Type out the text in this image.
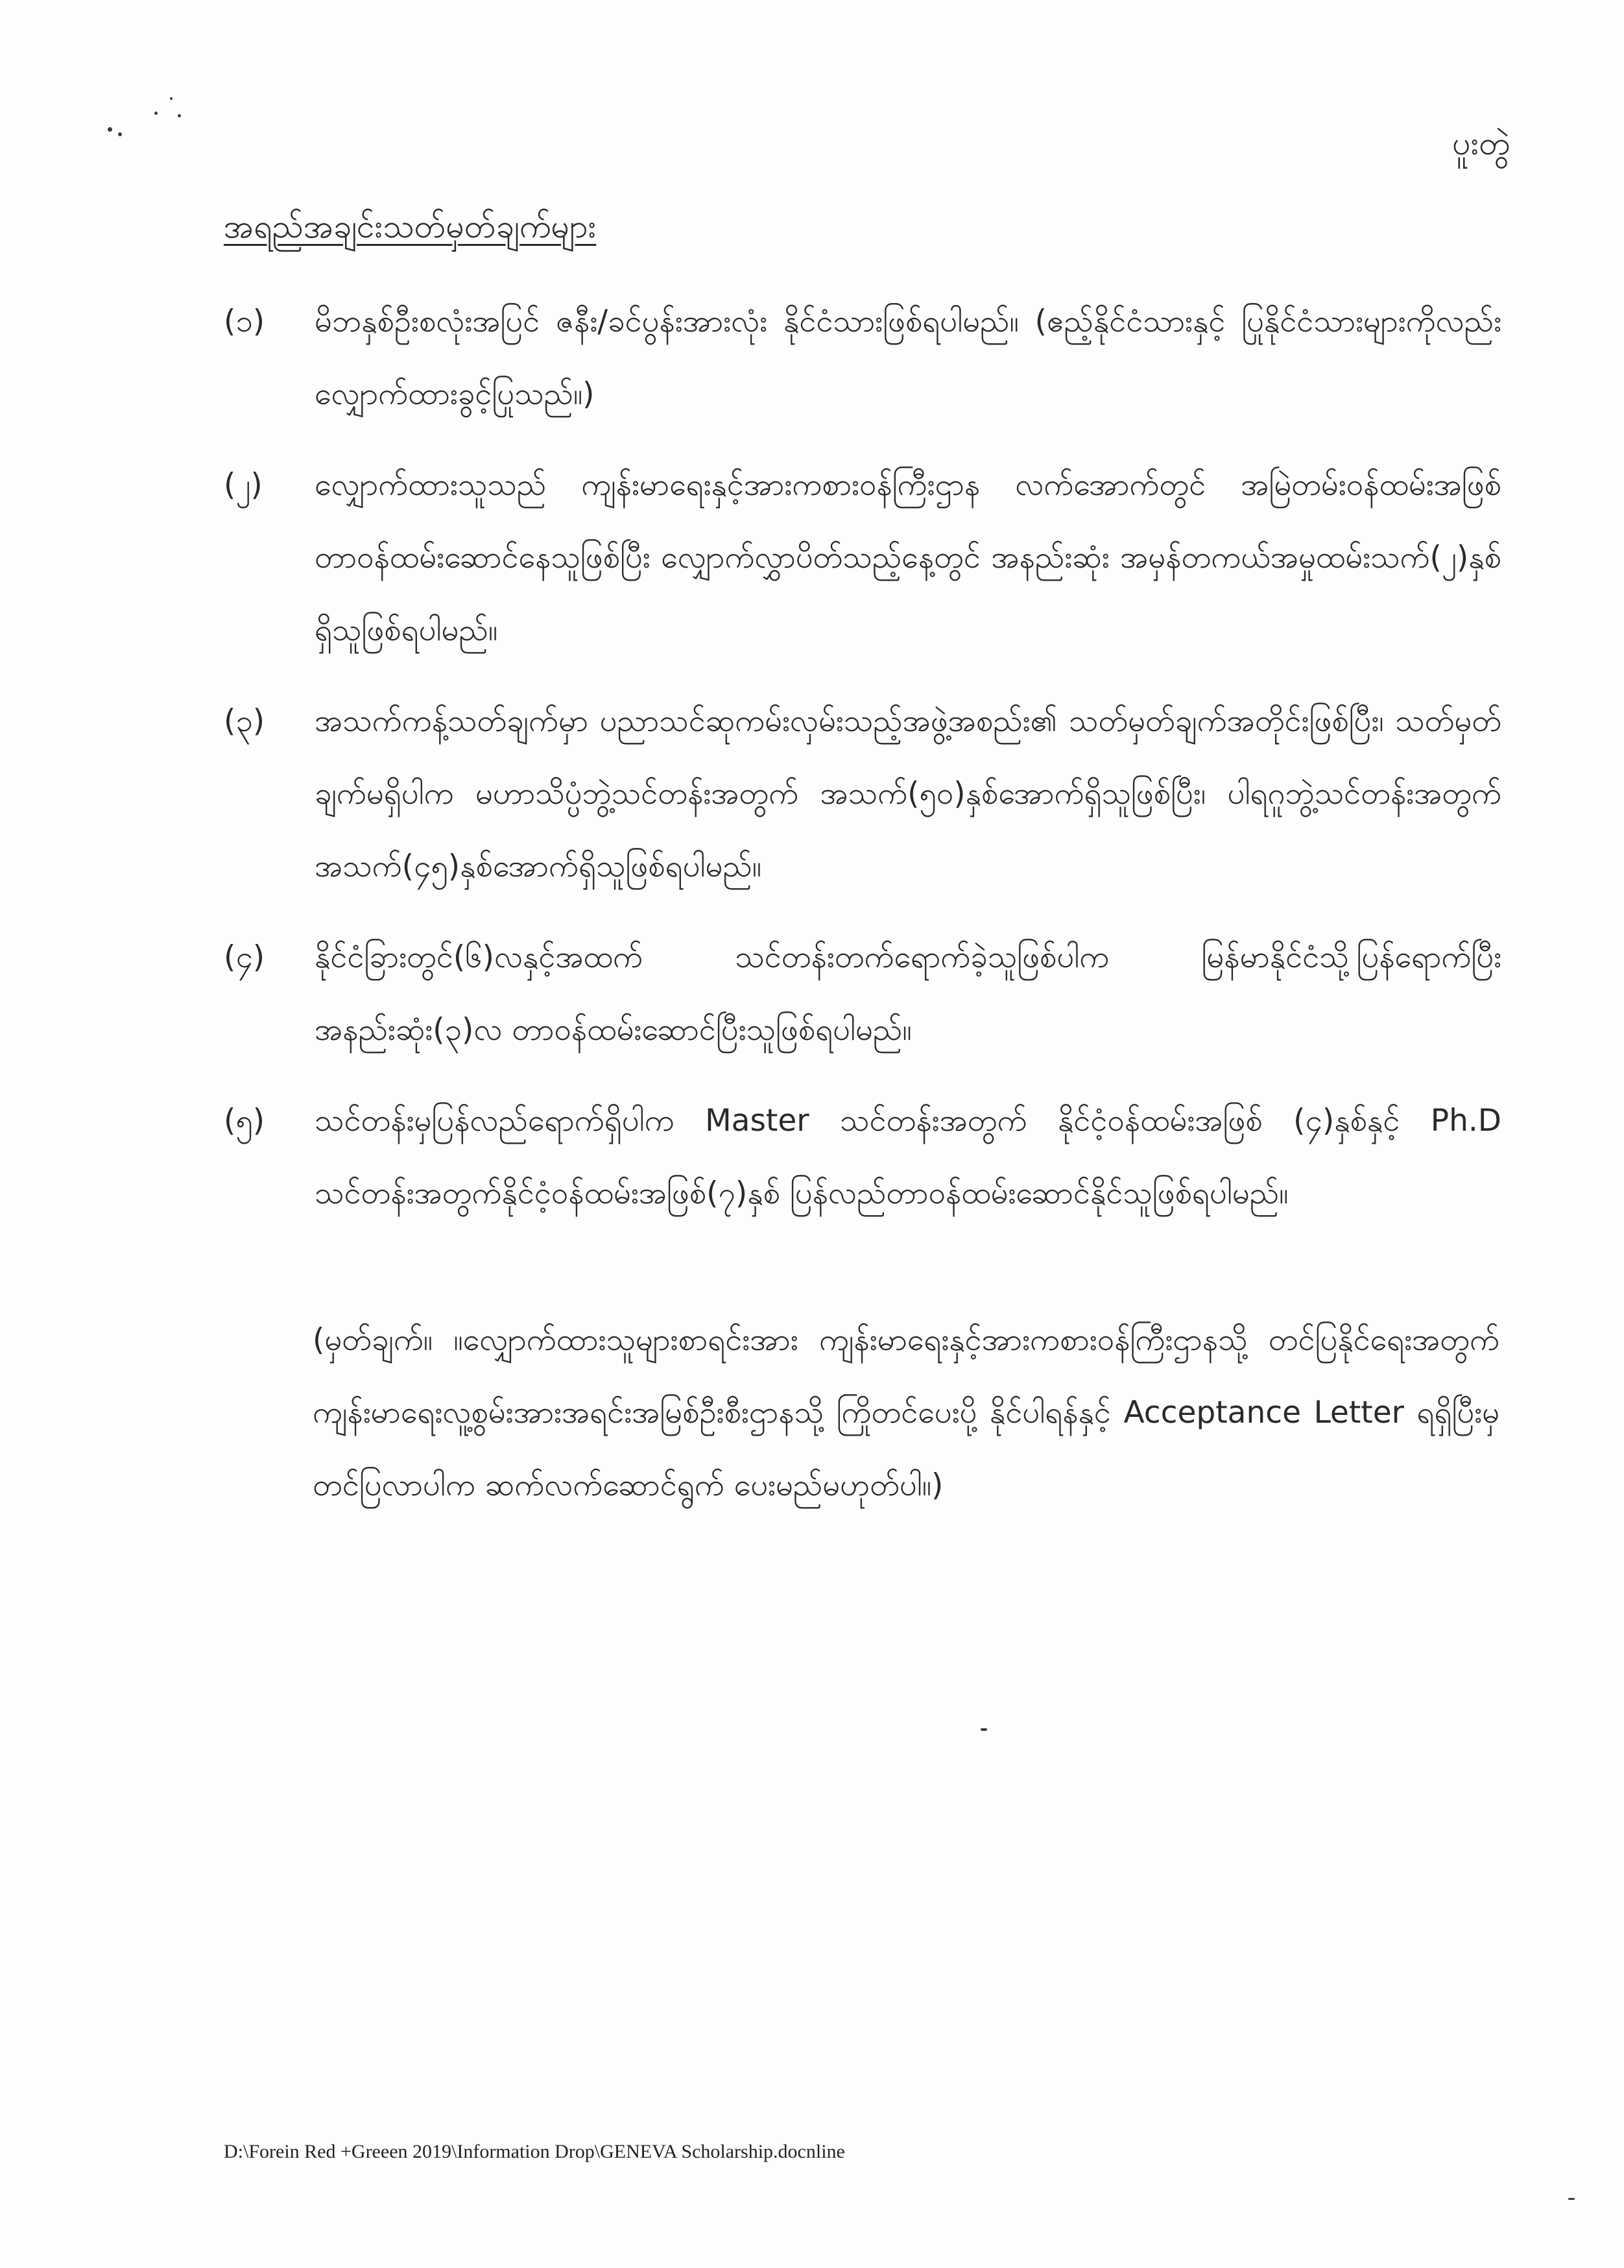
ပူးတွဲ
အရည်အချင်းသတ်မှတ်ချက်များ
(၁) မိဘနှစ်ဦးစလုံးအပြင် ဇနီး/ခင်ပွန်းအားလုံး နိုင်ငံသားဖြစ်ရပါမည်။ (ဧည့်နိုင်ငံသားနှင့် ပြုနိုင်ငံသားများကိုလည်းလျှောက်ထားခွင့်ပြုသည်။)
(၂) လျှောက်ထားသူသည် ကျန်းမာရေးနှင့်အားကစားဝန်ကြီးဌာန လက်အောက်တွင် အမြဲတမ်းဝန်ထမ်းအဖြစ် တာဝန်ထမ်းဆောင်နေသူဖြစ်ပြီး လျှောက်လွှာပိတ်သည့်နေ့တွင် အနည်းဆုံး အမှန်တကယ်အမှုထမ်းသက်(၂)နှစ်ရှိသူဖြစ်ရပါမည်။
(၃) အသက်ကန့်သတ်ချက်မှာ ပညာသင်ဆုကမ်းလှမ်းသည့်အဖွဲ့အစည်း၏ သတ်မှတ်ချက်အတိုင်းဖြစ်ပြီး၊ သတ်မှတ်ချက်မရှိပါက မဟာသိပ္ပံဘွဲ့သင်တန်းအတွက် အသက်(၅၀)နှစ်အောက်ရှိသူဖြစ်ပြီး၊ ပါရဂူဘွဲ့သင်တန်းအတွက် အသက်(၄၅)နှစ်အောက်ရှိသူဖြစ်ရပါမည်။
(၄) နိုင်ငံခြားတွင်(၆)လနှင့်အထက် သင်တန်းတက်ရောက်ခဲ့သူဖြစ်ပါက မြန်မာနိုင်ငံသို့ပြန်ရောက်ပြီး အနည်းဆုံး(၃)လ တာဝန်ထမ်းဆောင်ပြီးသူဖြစ်ရပါမည်။
(၅) သင်တန်းမှပြန်လည်ရောက်ရှိပါက Master သင်တန်းအတွက် နိုင်ငံ့ဝန်ထမ်းအဖြစ် (၄)နှစ်နှင့် Ph.D သင်တန်းအတွက်နိုင်ငံ့ဝန်ထမ်းအဖြစ်(၇)နှစ် ပြန်လည်တာဝန်ထမ်းဆောင်နိုင်သူဖြစ်ရပါမည်။
(မှတ်ချက်။ ။လျှောက်ထားသူများစာရင်းအား ကျန်းမာရေးနှင့်အားကစားဝန်ကြီးဌာနသို့ တင်ပြနိုင်ရေးအတွက် ကျန်းမာရေးလူ့စွမ်းအားအရင်းအမြစ်ဦးစီးဌာနသို့ ကြိုတင်ပေးပို့ နိုင်ပါရန်နှင့် Acceptance Letter ရရှိပြီးမှ တင်ပြလာပါက ဆက်လက်ဆောင်ရွက် ပေးမည်မဟုတ်ပါ။)
D:\Forein Red +Greeen 2019\Information Drop\GENEVA Scholarship.docnline
